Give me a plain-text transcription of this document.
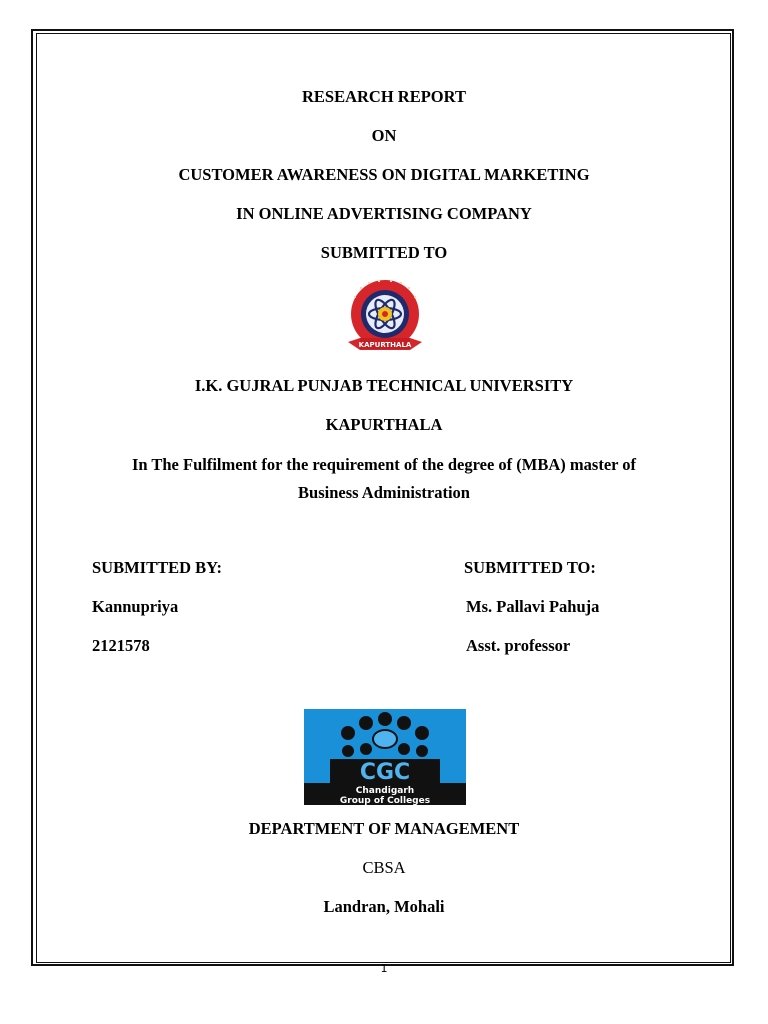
RESEARCH REPORT
ON
CUSTOMER AWARENESS ON DIGITAL MARKETING
IN ONLINE ADVERTISING COMPANY
SUBMITTED TO
KAPURTHALA
I.K. GUJRAL PUNJAB TECHNICAL UNIVERSITY
KAPURTHALA
In The Fulfilment for the requirement of the degree of (MBA) master of
Business Administration
SUBMITTED BY:
Kannupriya
2121578
SUBMITTED TO:
Ms. Pallavi Pahuja
Asst. professor
CGC
Chandigarh
Group of Colleges
DEPARTMENT OF MANAGEMENT
CBSA
Landran, Mohali
1
